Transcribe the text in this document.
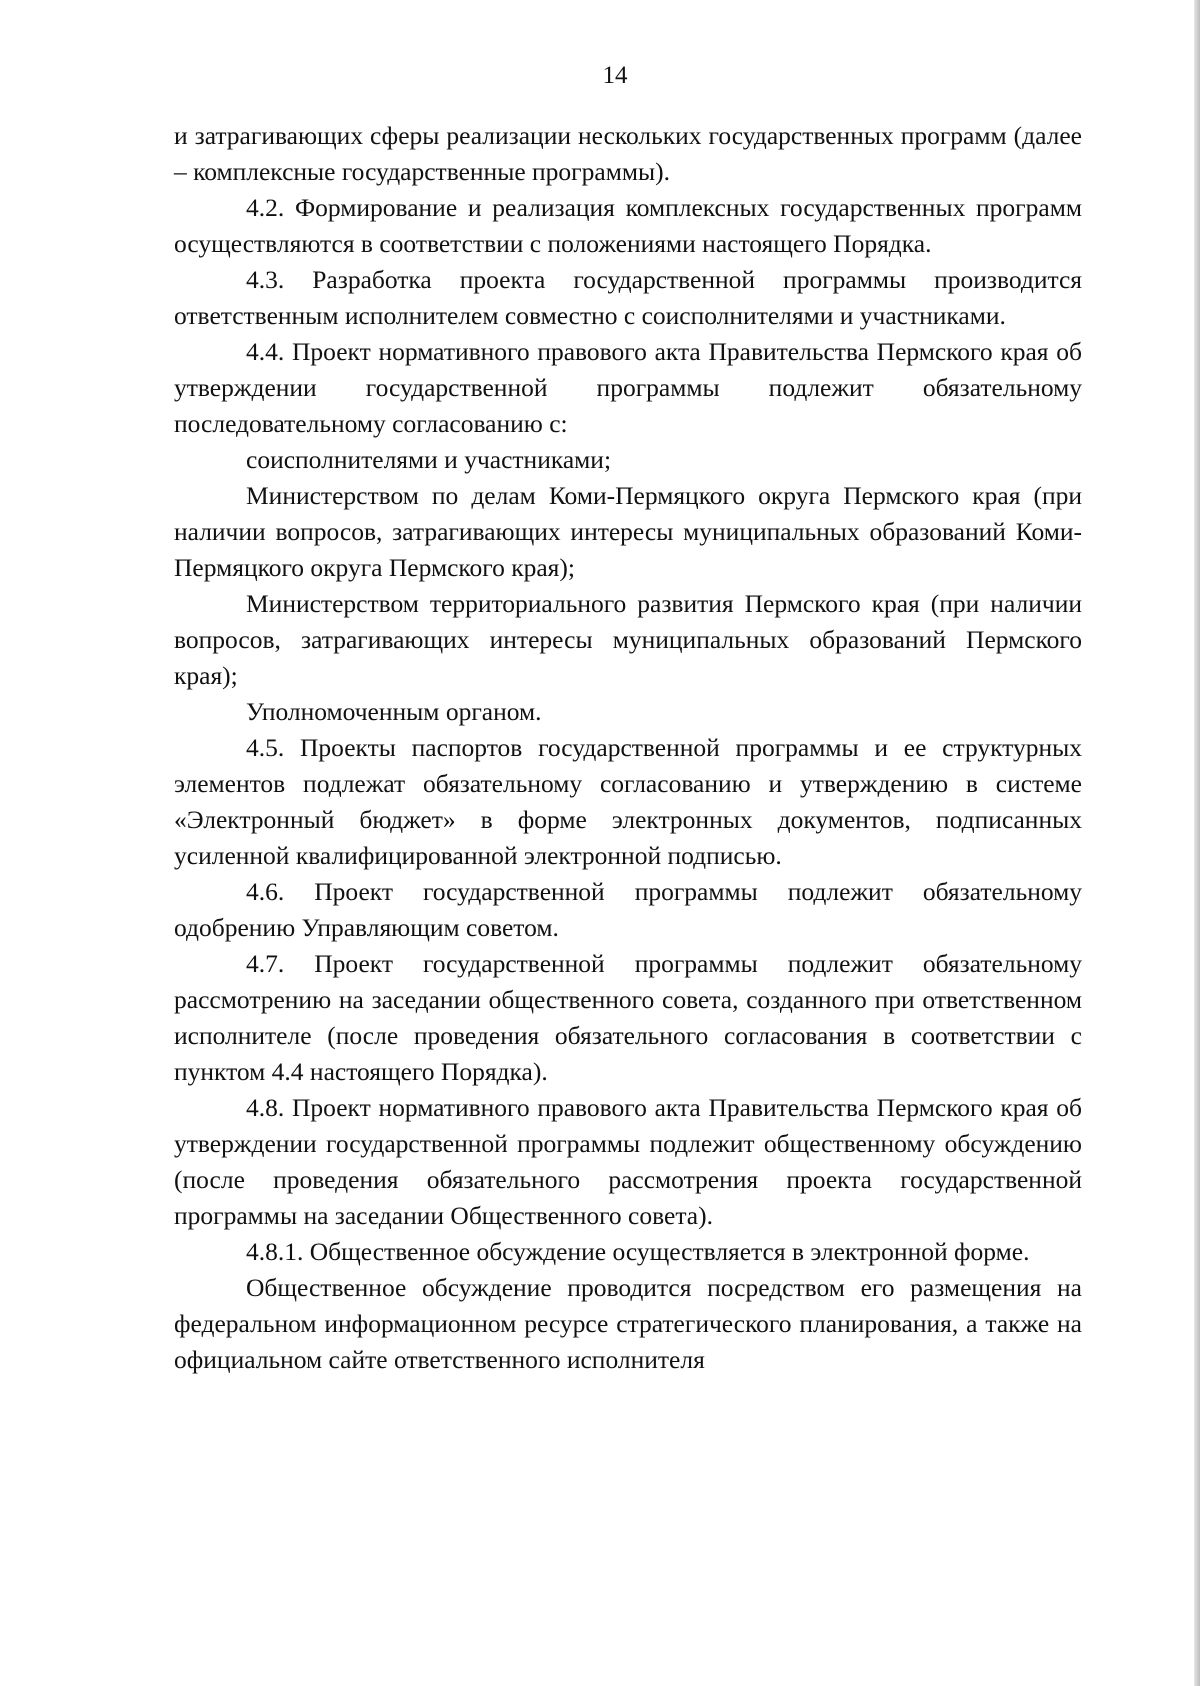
14

и затрагивающих сферы реализации нескольких государственных программ (далее – комплексные государственные программы).

4.2. Формирование и реализация комплексных государственных программ осуществляются в соответствии с положениями настоящего Порядка.

4.3. Разработка проекта государственной программы производится ответственным исполнителем совместно с соисполнителями и участниками.

4.4. Проект нормативного правового акта Правительства Пермского края об утверждении государственной программы подлежит обязательному последовательному согласованию с:

соисполнителями и участниками;

Министерством по делам Коми-Пермяцкого округа Пермского края (при наличии вопросов, затрагивающих интересы муниципальных образований Коми-Пермяцкого округа Пермского края);

Министерством территориального развития Пермского края (при наличии вопросов, затрагивающих интересы муниципальных образований Пермского края);

Уполномоченным органом.

4.5. Проекты паспортов государственной программы и ее структурных элементов подлежат обязательному согласованию и утверждению в системе «Электронный бюджет» в форме электронных документов, подписанных усиленной квалифицированной электронной подписью.

4.6. Проект государственной программы подлежит обязательному одобрению Управляющим советом.

4.7. Проект государственной программы подлежит обязательному рассмотрению на заседании общественного совета, созданного при ответственном исполнителе (после проведения обязательного согласования в соответствии с пунктом 4.4 настоящего Порядка).

4.8. Проект нормативного правового акта Правительства Пермского края об утверждении государственной программы подлежит общественному обсуждению (после проведения обязательного рассмотрения проекта государственной программы на заседании Общественного совета).

4.8.1. Общественное обсуждение осуществляется в электронной форме.

Общественное обсуждение проводится посредством его размещения на федеральном информационном ресурсе стратегического планирования, а также на официальном сайте ответственного исполнителя
